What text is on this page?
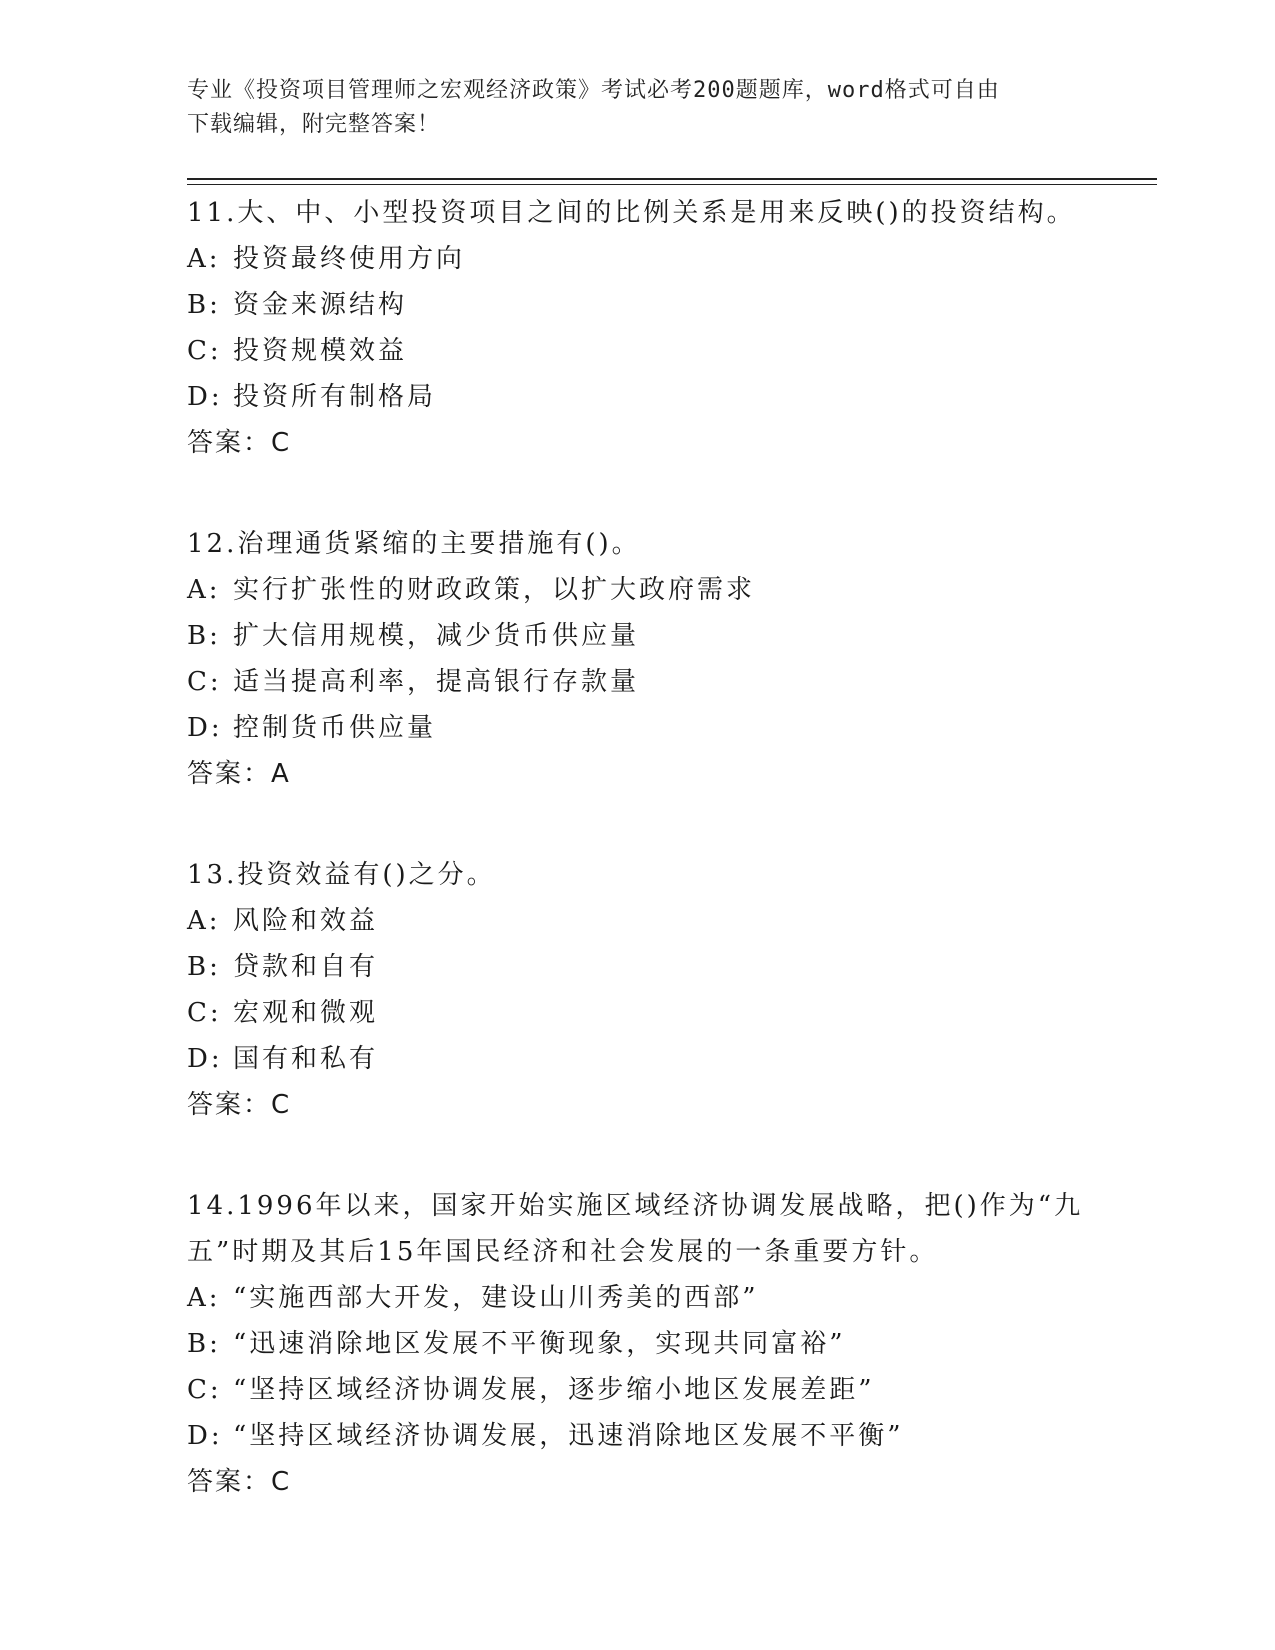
专业《投资项目管理师之宏观经济政策》考试必考200题题库，word格式可自由
下载编辑，附完整答案！

11.大、中、小型投资项目之间的比例关系是用来反映()的投资结构。

A: 投资最终使用方向

B: 资金来源结构

C: 投资规模效益

D: 投资所有制格局

答案：C

12.治理通货紧缩的主要措施有()。

A: 实行扩张性的财政政策，以扩大政府需求

B: 扩大信用规模，减少货币供应量

C: 适当提高利率，提高银行存款量

D: 控制货币供应量

答案：A

13.投资效益有()之分。

A: 风险和效益

B: 贷款和自有

C: 宏观和微观

D: 国有和私有

答案：C

14.1996年以来，国家开始实施区域经济协调发展战略，把()作为“九

五”时期及其后15年国民经济和社会发展的一条重要方针。

A: “实施西部大开发，建设山川秀美的西部”

B: “迅速消除地区发展不平衡现象，实现共同富裕”

C: “坚持区域经济协调发展，逐步缩小地区发展差距”

D: “坚持区域经济协调发展，迅速消除地区发展不平衡”

答案：C
